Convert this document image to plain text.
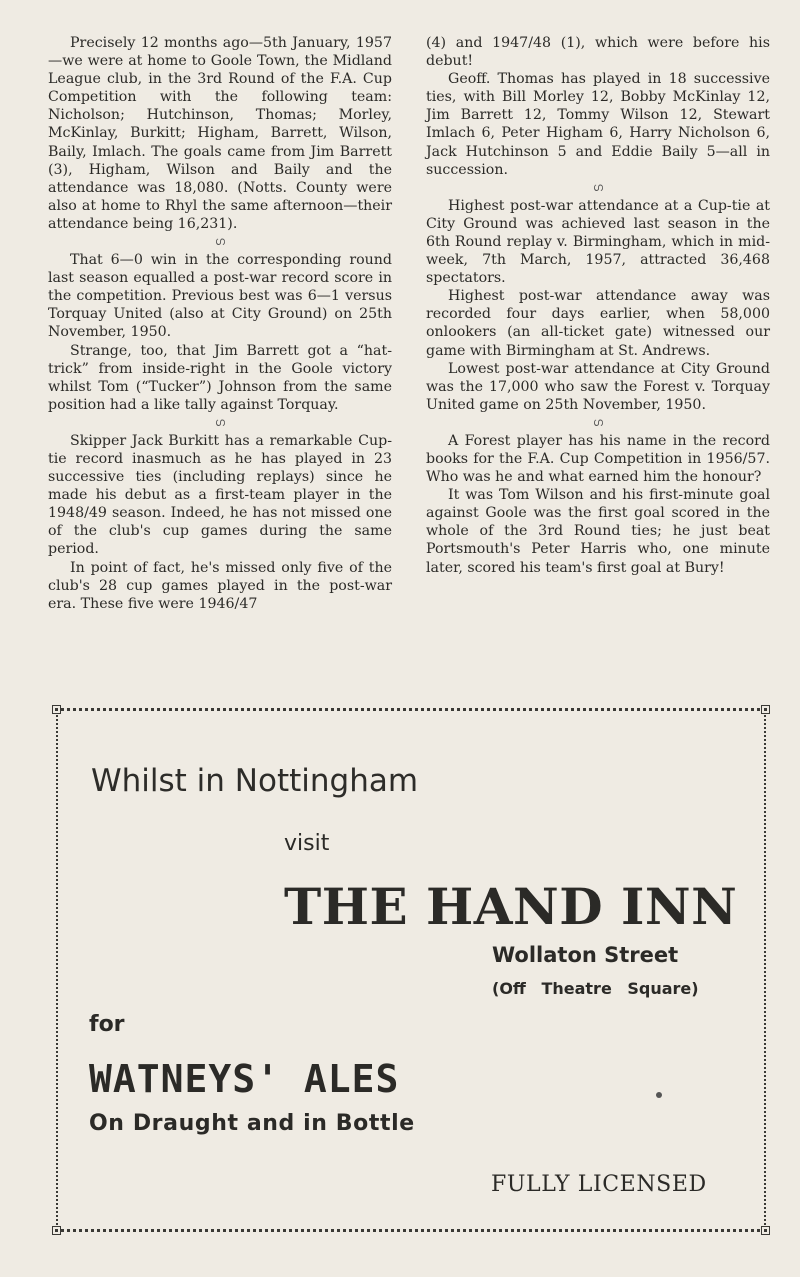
Precisely 12 months ago—5th January, 1957—we were at home to Goole Town, the Midland League club, in the 3rd Round of the F.A. Cup Competition with the following team: Nicholson; Hutchinson, Thomas; Morley, McKinlay, Burkitt; Higham, Barrett, Wilson, Baily, Imlach. The goals came from Jim Barrett (3), Higham, Wilson and Baily and the attendance was 18,080. (Notts. County were also at home to Rhyl the same afternoon—their attendance being 16,231).

ഗ

That 6—0 win in the corresponding round last season equalled a post-war record score in the competition. Previous best was 6—1 versus Torquay United (also at City Ground) on 25th November, 1950.

Strange, too, that Jim Barrett got a “hat-trick” from inside-right in the Goole victory whilst Tom (“Tucker”) Johnson from the same position had a like tally against Torquay.

ഗ

Skipper Jack Burkitt has a remarkable Cup-tie record inasmuch as he has played in 23 successive ties (including replays) since he made his debut as a first-team player in the 1948/49 season. Indeed, he has not missed one of the club's cup games during the same period.

In point of fact, he's missed only five of the club's 28 cup games played in the post-war era. These five were 1946/47

(4) and 1947/48 (1), which were before his debut!

Geoff. Thomas has played in 18 successive ties, with Bill Morley 12, Bobby McKinlay 12, Jim Barrett 12, Tommy Wilson 12, Stewart Imlach 6, Peter Higham 6, Harry Nicholson 6, Jack Hutchinson 5 and Eddie Baily 5—all in succession.

ഗ

Highest post-war attendance at a Cup-tie at City Ground was achieved last season in the 6th Round replay v. Birmingham, which in mid-week, 7th March, 1957, attracted 36,468 spectators.

Highest post-war attendance away was recorded four days earlier, when 58,000 onlookers (an all-ticket gate) witnessed our game with Birmingham at St. Andrews.

Lowest post-war attendance at City Ground was the 17,000 who saw the Forest v. Torquay United game on 25th November, 1950.

ഗ

A Forest player has his name in the record books for the F.A. Cup Competition in 1956/57. Who was he and what earned him the honour?

It was Tom Wilson and his first-minute goal against Goole was the first goal scored in the whole of the 3rd Round ties; he just beat Portsmouth's Peter Harris who, one minute later, scored his team's first goal at Bury!

Whilst in Nottingham

visit

THE HAND INN

Wollaton Street

(Off Theatre Square)

for

WATNEYS' ALES

On Draught and in Bottle

FULLY LICENSED
